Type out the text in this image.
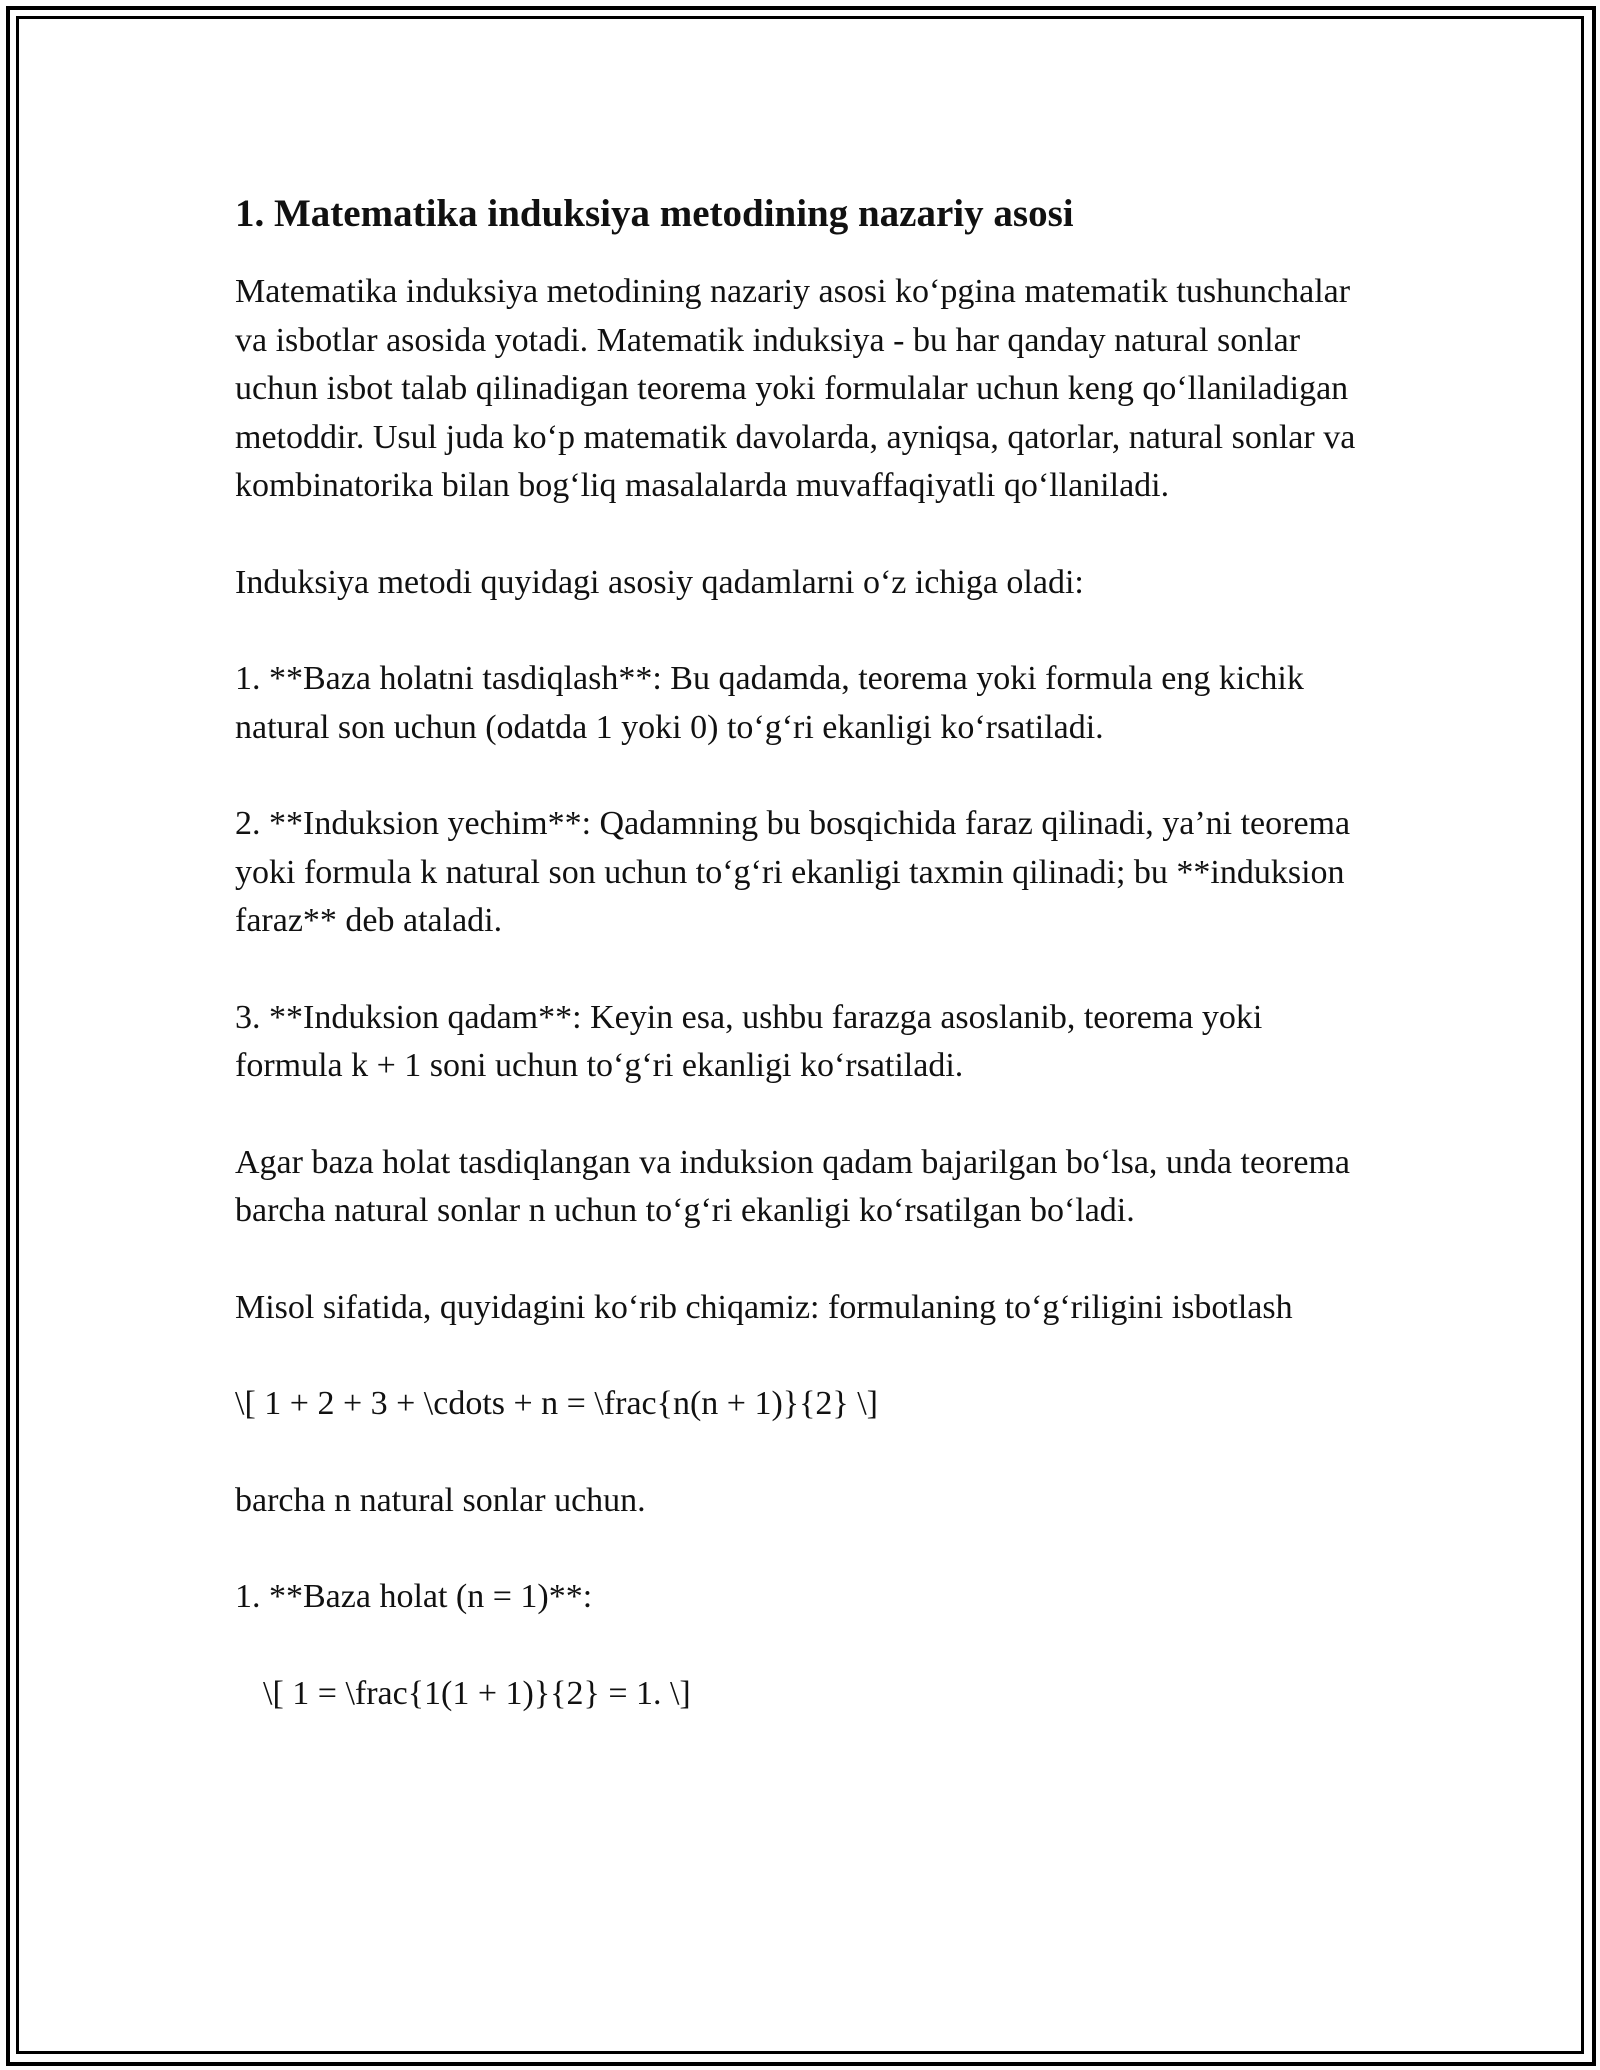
1. Matematika induksiya metodining nazariy asosi

Matematika induksiya metodining nazariy asosi ko‘pgina matematik tushunchalar va isbotlar asosida yotadi. Matematik induksiya - bu har qanday natural sonlar uchun isbot talab qilinadigan teorema yoki formulalar uchun keng qo‘llaniladigan metoddir. Usul juda ko‘p matematik davolarda, ayniqsa, qatorlar, natural sonlar va kombinatorika bilan bog‘liq masalalarda muvaffaqiyatli qo‘llaniladi.

Induksiya metodi quyidagi asosiy qadamlarni o‘z ichiga oladi:

1. **Baza holatni tasdiqlash**: Bu qadamda, teorema yoki formula eng kichik natural son uchun (odatda 1 yoki 0) to‘g‘ri ekanligi ko‘rsatiladi.

2. **Induksion yechim**: Qadamning bu bosqichida faraz qilinadi, ya’ni teorema yoki formula k natural son uchun to‘g‘ri ekanligi taxmin qilinadi; bu **induksion faraz** deb ataladi.

3. **Induksion qadam**: Keyin esa, ushbu farazga asoslanib, teorema yoki formula k + 1 soni uchun to‘g‘ri ekanligi ko‘rsatiladi.

Agar baza holat tasdiqlangan va induksion qadam bajarilgan bo‘lsa, unda teorema barcha natural sonlar n uchun to‘g‘ri ekanligi ko‘rsatilgan bo‘ladi.

Misol sifatida, quyidagini ko‘rib chiqamiz: formulaning to‘g‘riligini isbotlash

\[ 1 + 2 + 3 + \cdots + n = \frac{n(n + 1)}{2} \]

barcha n natural sonlar uchun.

1. **Baza holat (n = 1)**:

\[ 1 = \frac{1(1 + 1)}{2} = 1. \]
